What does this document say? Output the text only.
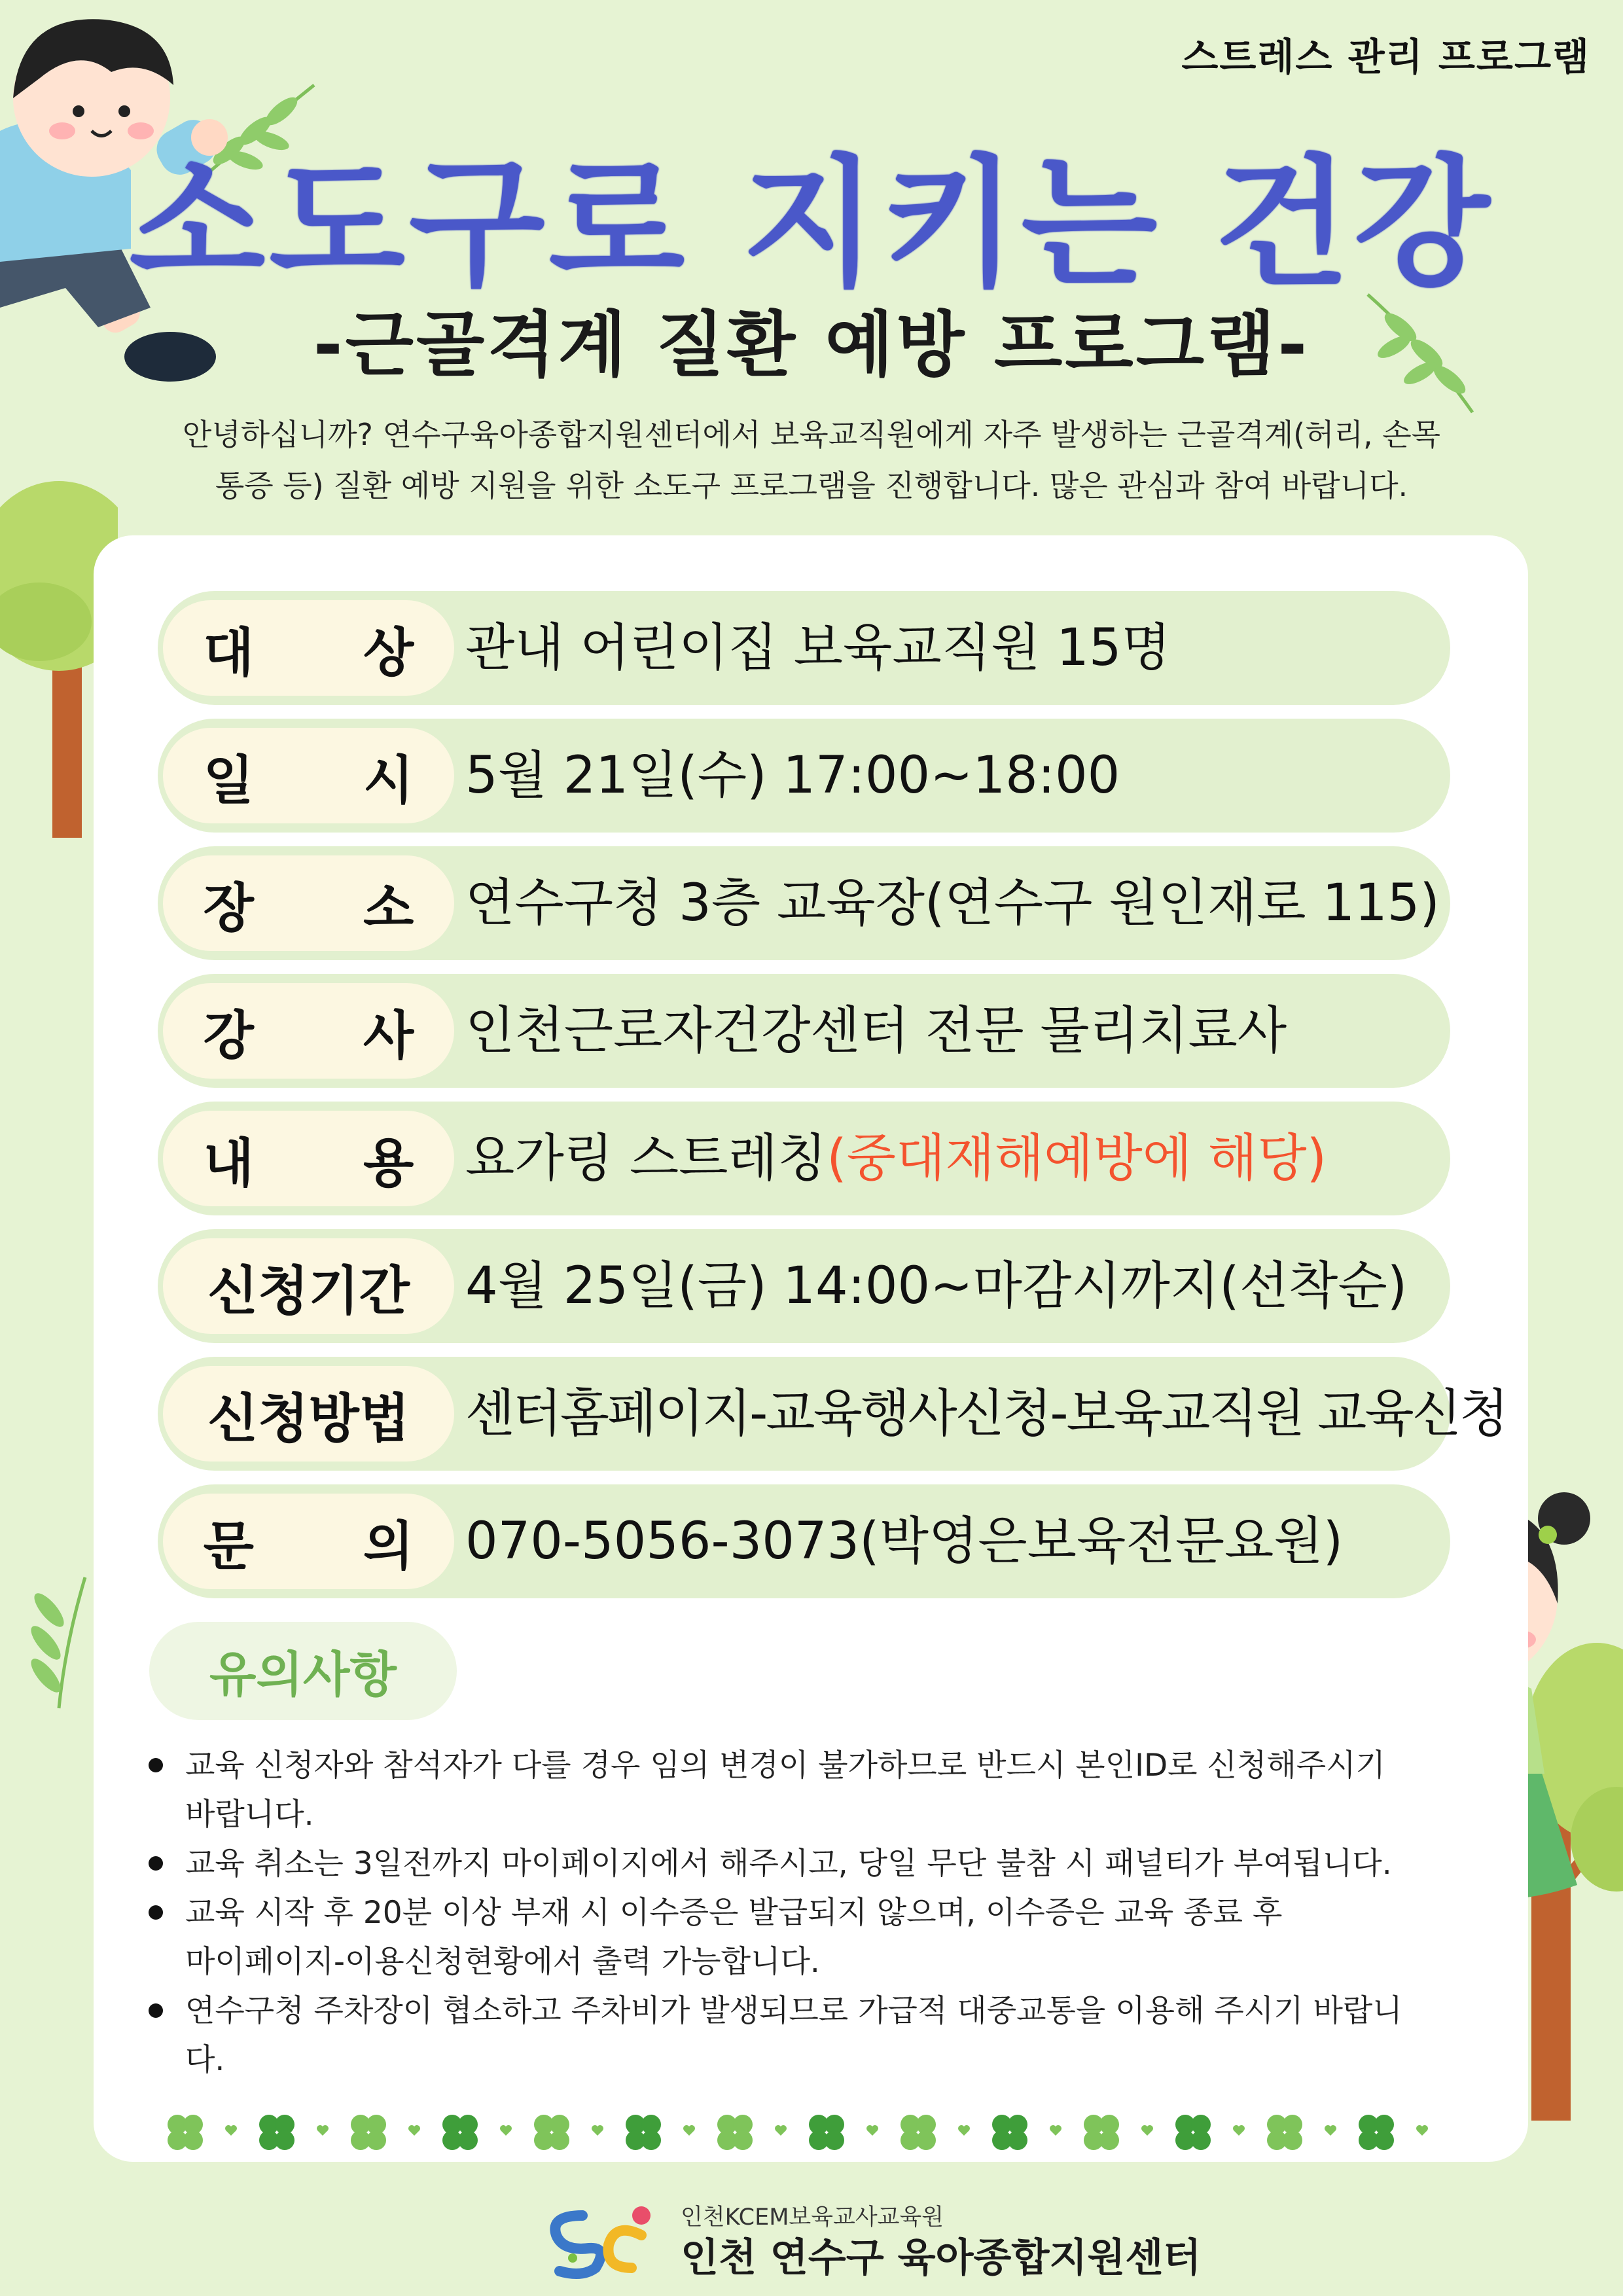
스트레스 관리 프로그램
소도구로 지키는 건강
-근골격계 질환 예방 프로그램-
안녕하십니까? 연수구육아종합지원센터에서 보육교직원에게 자주 발생하는 근골격계(허리, 손목
통증 등) 질환 예방 지원을 위한 소도구 프로그램을 진행합니다. 많은 관심과 참여 바랍니다.
대      상 관내 어린이집 보육교직원 15명
일      시 5월 21일(수) 17:00~18:00
장      소 연수구청 3층 교육장(연수구 원인재로 115)
강      사 인천근로자건강센터 전문 물리치료사
내      용 요가링 스트레칭(중대재해예방에 해당)
신청기간 4월 25일(금) 14:00~마감시까지(선착순)
신청방법 센터홈페이지-교육행사신청-보육교직원 교육신청
문      의 070-5056-3073(박영은보육전문요원)
유의사항
교육 신청자와 참석자가 다를 경우 임의 변경이 불가하므로 반드시 본인ID로 신청해주시기
바랍니다.
교육 취소는 3일전까지 마이페이지에서 해주시고, 당일 무단 불참 시 패널티가 부여됩니다.
교육 시작 후 20분 이상 부재 시 이수증은 발급되지 않으며, 이수증은 교육 종료 후
마이페이지-이용신청현황에서 출력 가능합니다.
연수구청 주차장이 협소하고 주차비가 발생되므로 가급적 대중교통을 이용해 주시기 바랍니다.
인천KCEM보육교사교육원
인천 연수구 육아종합지원센터
